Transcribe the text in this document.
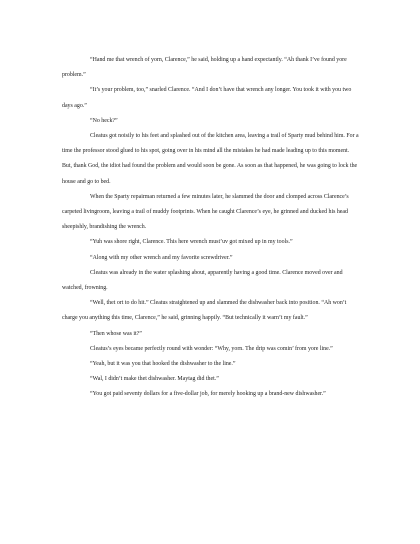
“Hand me that wrench of yorn, Clarence,” he said, holding up a hand expectantly. “Ah thank I’ve found yore problem.”

“It’s your problem, too,” snarled Clarence. “And I don’t have that wrench any longer. You took it with you two days ago.”

“No heck?”

Cleatus got noisily to his feet and splashed out of the kitchen area, leaving a trail of Sparty mud behind him. For a time the professor stood glued to his spot, going over in his mind all the mistakes he had made leading up to this moment. But, thank God, the idiot had found the problem and would soon be gone. As soon as that happened, he was going to lock the house and go to bed.

When the Sparty repairman returned a few minutes later, he slammed the door and clomped across Clarence’s carpeted livingroom, leaving a trail of muddy footprints. When he caught Clarence’s eye, he grinned and ducked his head sheepishly, brandishing the wrench.

“Yuh was shore right, Clarence. This here wrench must’uv got mixed up in my tools.”

“Along with my other wrench and my favorite screwdriver.”

Cleatus was already in the water splashing about, apparently having a good time. Clarence moved over and watched, frowning.

“Well, thet ort to do hit.” Cleatus straightened up and slammed the dishwasher back into position. “Ah won’t charge you anything this time, Clarence,” he said, grinning happily. “But technically it warn’t my fault.”

“Then whose was it?”

Cleatus’s eyes became perfectly round with wonder: “Why, yorn. The drip was comin’ from yore line.”

“Yeah, but it was you that hooked the dishwasher to the line.”

“Wal, I didn’t make thet dishwasher. Maytag did thet.”

“You got paid seventy dollars for a five-dollar job, for merely hooking up a brand-new dishwasher.”
